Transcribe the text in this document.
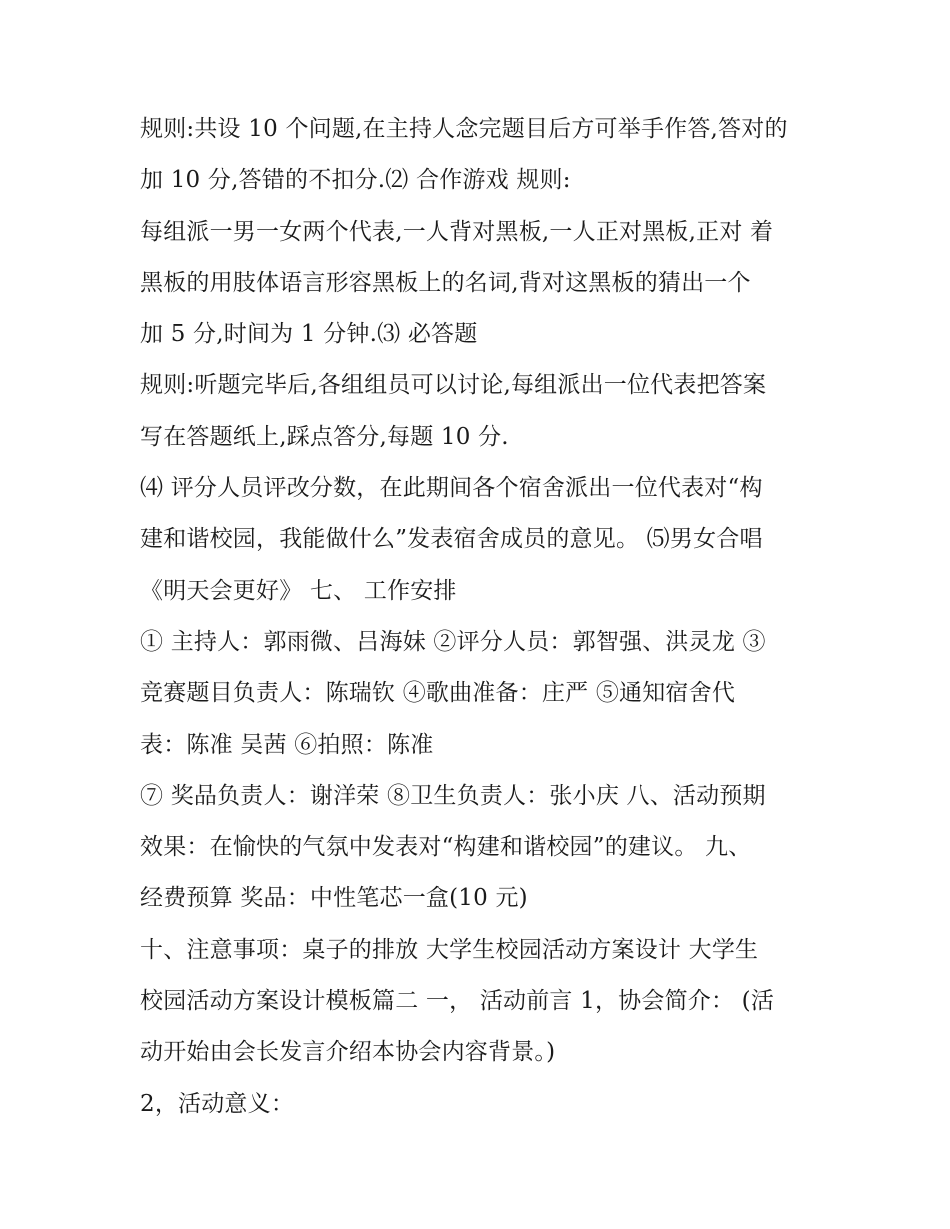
规则:共设 10 个问题,在主持人念完题目后方可举手作答,答对的
加 10 分,答错的不扣分.⑵ 合作游戏 规则:
每组派一男一女两个代表,一人背对黑板,一人正对黑板,正对 着
黑板的用肢体语言形容黑板上的名词,背对这黑板的猜出一个
加 5 分,时间为 1 分钟.⑶ 必答题
规则:听题完毕后,各组组员可以讨论,每组派出一位代表把答案
写在答题纸上,踩点答分,每题 10 分.
⑷ 评分人员评改分数，在此期间各个宿舍派出一位代表对“构
建和谐校园，我能做什么”发表宿舍成员的意见。 ⑸男女合唱
《明天会更好》 七、 工作安排
① 主持人：郭雨微、吕海妹 ②评分人员：郭智强、洪灵龙 ③
竞赛题目负责人：陈瑞钦 ④歌曲准备：庄严 ⑤通知宿舍代
表：陈准 吴茜 ⑥拍照：陈准
⑦ 奖品负责人：谢洋荣 ⑧卫生负责人：张小庆 八、活动预期
效果：在愉快的气氛中发表对“构建和谐校园”的建议。 九、
经费预算 奖品：中性笔芯一盒(10 元)
十、注意事项：桌子的排放 大学生校园活动方案设计 大学生
校园活动方案设计模板篇二 一， 活动前言 1，协会简介： (活
动开始由会长发言介绍本协会内容背景。)
2，活动意义：
